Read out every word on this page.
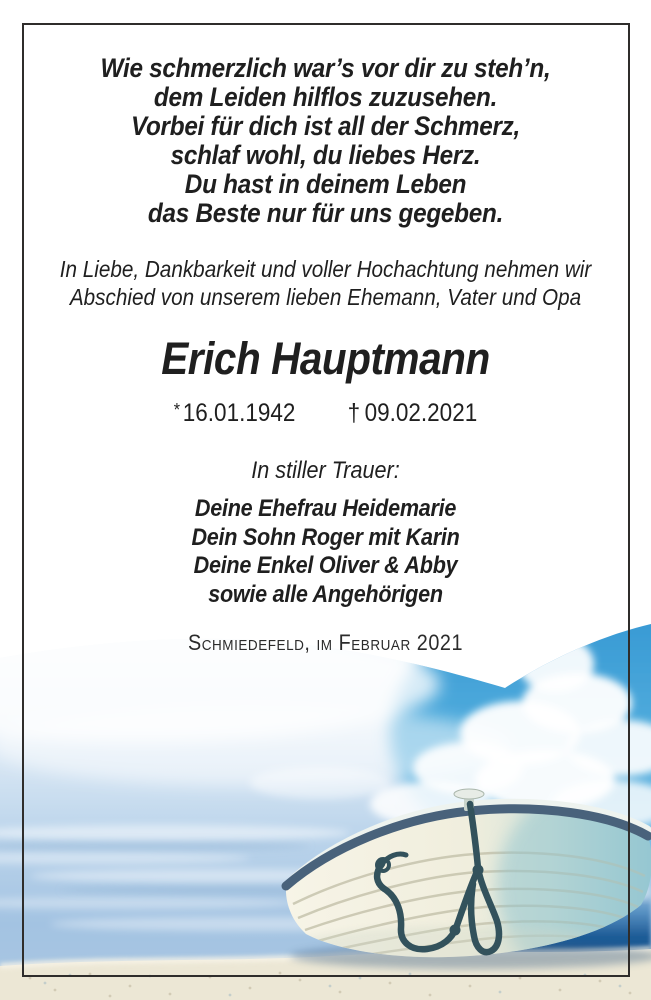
Wie schmerzlich war’s vor dir zu steh’n,
dem Leiden hilflos zuzusehen.
Vorbei für dich ist all der Schmerz,
schlaf wohl, du liebes Herz.
Du hast in deinem Leben
das Beste nur für uns gegeben.
In Liebe, Dankbarkeit und voller Hochachtung nehmen wir
Abschied von unserem lieben Ehemann, Vater und Opa
Erich Hauptmann
* 16.01.1942 † 09.02.2021
In stiller Trauer:
Deine Ehefrau Heidemarie
Dein Sohn Roger mit Karin
Deine Enkel Oliver & Abby
sowie alle Angehörigen
Schmiedefeld, im Februar 2021
